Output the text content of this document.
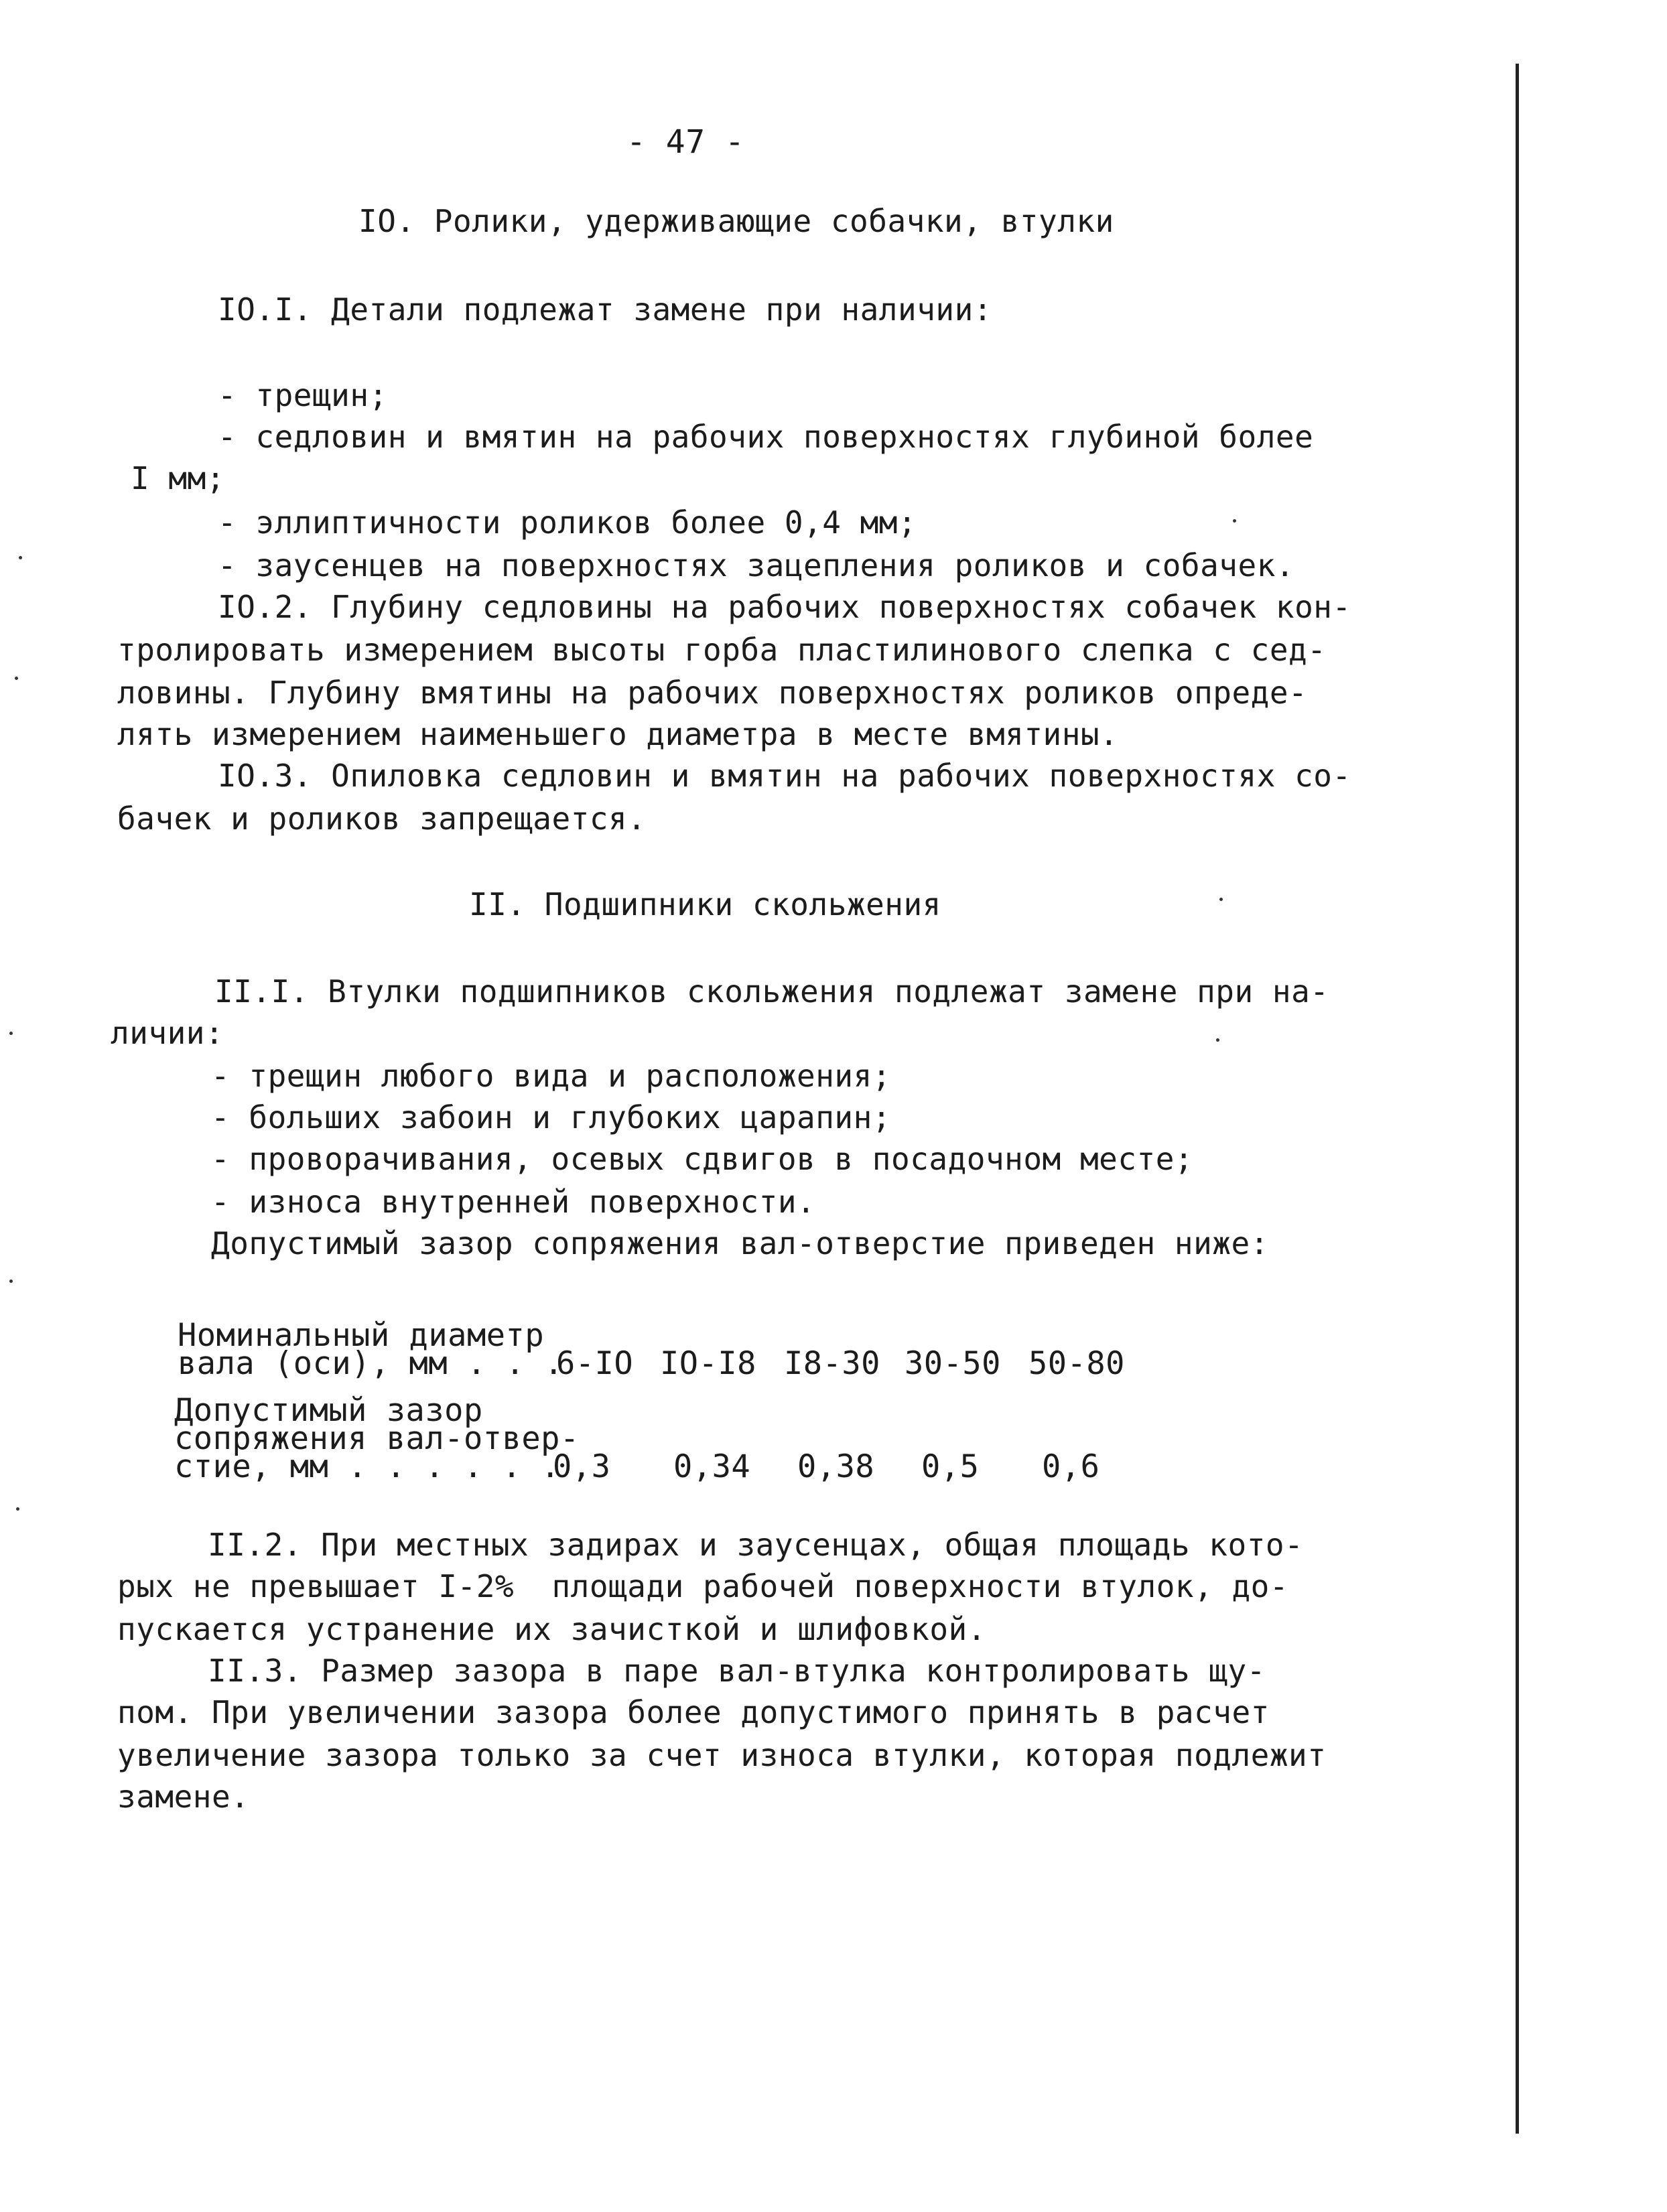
- 47 -
IO. Ролики, удерживающие собачки, втулки
IO.I. Детали подлежат замене при наличии:
- трещин;
- седловин и вмятин на рабочих поверхностях глубиной более
I мм;
- эллиптичности роликов более 0,4 мм;
- заусенцев на поверхностях зацепления роликов и собачек.
IO.2. Глубину седловины на рабочих поверхностях собачек кон-
тролировать измерением высоты горба пластилинового слепка с сед-
ловины. Глубину вмятины на рабочих поверхностях роликов опреде-
лять измерением наименьшего диаметра в месте вмятины.
IO.3. Опиловка седловин и вмятин на рабочих поверхностях со-
бачек и роликов запрещается.
II. Подшипники скольжения
II.I. Втулки подшипников скольжения подлежат замене при на-
личии:
- трещин любого вида и расположения;
- больших забоин и глубоких царапин;
- проворачивания, осевых сдвигов в посадочном месте;
- износа внутренней поверхности.
Допустимый зазор сопряжения вал-отверстие приведен ниже:
Номинальный диаметр
вала (оси), мм . . .
6-IO IO-I8 I8-30 30-50 50-80
Допустимый зазор
сопряжения вал-отвер-
стие, мм . . . . . .
0,3 0,34 0,38 0,5 0,6
II.2. При местных задирах и заусенцах, общая площадь кото-
рых не превышает I-2%  площади рабочей поверхности втулок, до-
пускается устранение их зачисткой и шлифовкой.
II.3. Размер зазора в паре вал-втулка контролировать щу-
пом. При увеличении зазора более допустимого принять в расчет
увеличение зазора только за счет износа втулки, которая подлежит
замене.
